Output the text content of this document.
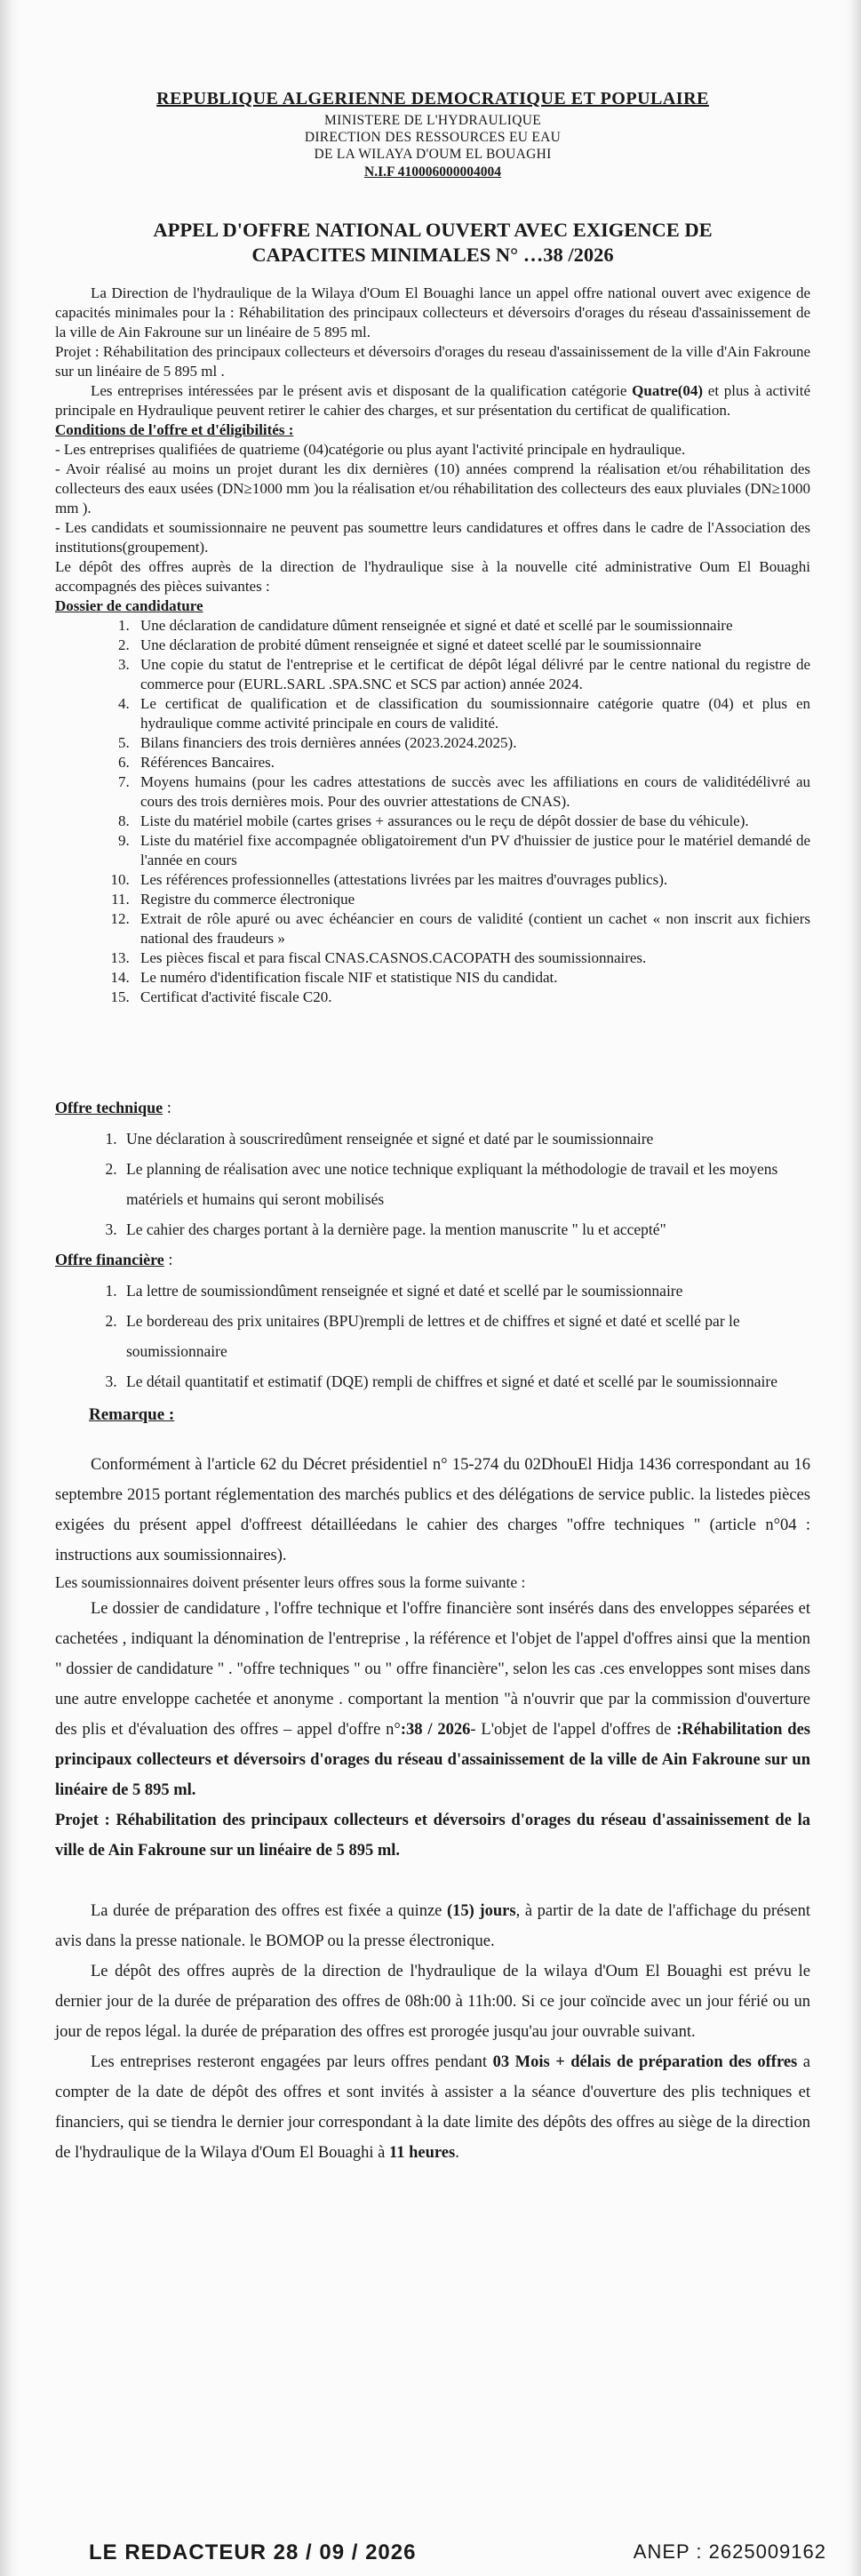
REPUBLIQUE ALGERIENNE DEMOCRATIQUE ET POPULAIRE
MINISTERE DE L'HYDRAULIQUE
DIRECTION DES RESSOURCES EU EAU
DE LA WILAYA D'OUM EL BOUAGHI
N.I.F 410006000004004
APPEL D'OFFRE NATIONAL OUVERT AVEC EXIGENCE DE
CAPACITES MINIMALES N° …38 /2026

La Direction de l'hydraulique de la Wilaya d'Oum El Bouaghi lance un appel offre national ouvert avec exigence de capacités minimales pour la : Réhabilitation des principaux collecteurs et déversoirs d'orages du réseau d'assainissement de la ville de Ain Fakroune sur un linéaire de 5 895 ml.

Projet : Réhabilitation des principaux collecteurs et déversoirs d'orages du reseau d'assainissement de la ville d'Ain Fakroune sur un linéaire de 5 895 ml .

Les entreprises intéressées par le présent avis et disposant de la qualification catégorie Quatre(04) et plus à activité principale en Hydraulique peuvent retirer le cahier des charges, et sur présentation du certificat de qualification.

Conditions de l'offre et d'éligibilités :

- Les entreprises qualifiées de quatrieme (04)catégorie ou plus ayant l'activité principale en hydraulique.

- Avoir réalisé au moins un projet durant les dix dernières (10) années comprend la réalisation et/ou réhabilitation des collecteurs des eaux usées (DN≥1000 mm )ou la réalisation et/ou réhabilitation des collecteurs des eaux pluviales (DN≥1000 mm ).

- Les candidats et soumissionnaire ne peuvent pas soumettre leurs candidatures et offres dans le cadre de l'Association des institutions(groupement).

Le dépôt des offres auprès de la direction de l'hydraulique sise à la nouvelle cité administrative Oum El Bouaghi accompagnés des pièces suivantes :

Dossier de candidature

1. Une déclaration de candidature dûment renseignée et signé et daté et scellé par le soumissionnaire
2. Une déclaration de probité dûment renseignée et signé et dateet scellé par le soumissionnaire
3. Une copie du statut de l'entreprise et le certificat de dépôt légal délivré par le centre national du registre de commerce pour (EURL.SARL .SPA.SNC et SCS par action) année 2024.
4. Le certificat de qualification et de classification du soumissionnaire catégorie quatre (04) et plus en hydraulique comme activité principale en cours de validité.
5. Bilans financiers des trois dernières années (2023.2024.2025).
6. Références Bancaires.
7. Moyens humains (pour les cadres attestations de succès avec les affiliations en cours de validitédélivré au cours des trois dernières mois. Pour des ouvrier attestations de CNAS).
8. Liste du matériel mobile (cartes grises + assurances ou le reçu de dépôt dossier de base du véhicule).
9. Liste du matériel fixe accompagnée obligatoirement d'un PV d'huissier de justice pour le matériel demandé de l'année en cours
10. Les références professionnelles (attestations livrées par les maitres d'ouvrages publics).
11. Registre du commerce électronique
12. Extrait de rôle apuré ou avec échéancier en cours de validité (contient un cachet « non inscrit aux fichiers national des fraudeurs »
13. Les pièces fiscal et para fiscal CNAS.CASNOS.CACOPATH des soumissionnaires.
14. Le numéro d'identification fiscale NIF et statistique NIS du candidat.
15. Certificat d'activité fiscale C20.
Offre technique :
1. Une déclaration à souscriredûment renseignée et signé et daté par le soumissionnaire
2. Le planning de réalisation avec une notice technique expliquant la méthodologie de travail et les moyens matériels et humains qui seront mobilisés
3. Le cahier des charges portant à la dernière page. la mention manuscrite " lu et accepté"
Offre financière :
1. La lettre de soumissiondûment renseignée et signé et daté et scellé par le soumissionnaire
2. Le bordereau des prix unitaires (BPU)rempli de lettres et de chiffres et signé et daté et scellé par le soumissionnaire
3. Le détail quantitatif et estimatif (DQE) rempli de chiffres et signé et daté et scellé par le soumissionnaire
Remarque :

Conformément à l'article 62 du Décret présidentiel n° 15-274 du 02DhouEl Hidja 1436 correspondant au 16 septembre 2015 portant réglementation des marchés publics et des délégations de service public. la listedes pièces exigées du présent appel d'offreest détailléedans le cahier des charges "offre techniques " (article n°04 : instructions aux soumissionnaires).

Les soumissionnaires doivent présenter leurs offres sous la forme suivante :

Le dossier de candidature , l'offre technique et l'offre financière sont insérés dans des enveloppes séparées et cachetées , indiquant la dénomination de l'entreprise , la référence et l'objet de l'appel d'offres ainsi que la mention " dossier de candidature " . "offre techniques " ou " offre financière", selon les cas .ces enveloppes sont mises dans une autre enveloppe cachetée et anonyme . comportant la mention "à n'ouvrir que par la commission d'ouverture des plis et d'évaluation des offres – appel d'offre n°:38 / 2026- L'objet de l'appel d'offres de :Réhabilitation des principaux collecteurs et déversoirs d'orages du réseau d'assainissement de la ville de Ain Fakroune sur un linéaire de 5 895 ml.

Projet : Réhabilitation des principaux collecteurs et déversoirs d'orages du réseau d'assainissement de la ville de Ain Fakroune sur un linéaire de 5 895 ml.

La durée de préparation des offres est fixée a quinze (15) jours, à partir de la date de l'affichage du présent avis dans la presse nationale. le BOMOP ou la presse électronique.

Le dépôt des offres auprès de la direction de l'hydraulique de la wilaya d'Oum El Bouaghi est prévu le dernier jour de la durée de préparation des offres de 08h:00 à 11h:00. Si ce jour coïncide avec un jour férié ou un jour de repos légal. la durée de préparation des offres est prorogée jusqu'au jour ouvrable suivant.

Les entreprises resteront engagées par leurs offres pendant 03 Mois + délais de préparation des offres a compter de la date de dépôt des offres et sont invités à assister a la séance d'ouverture des plis techniques et financiers, qui se tiendra le dernier jour correspondant à la date limite des dépôts des offres au siège de la direction de l'hydraulique de la Wilaya d'Oum El Bouaghi à 11 heures.

LE REDACTEUR 28 / 09 / 2026	ANEP : 2625009162
